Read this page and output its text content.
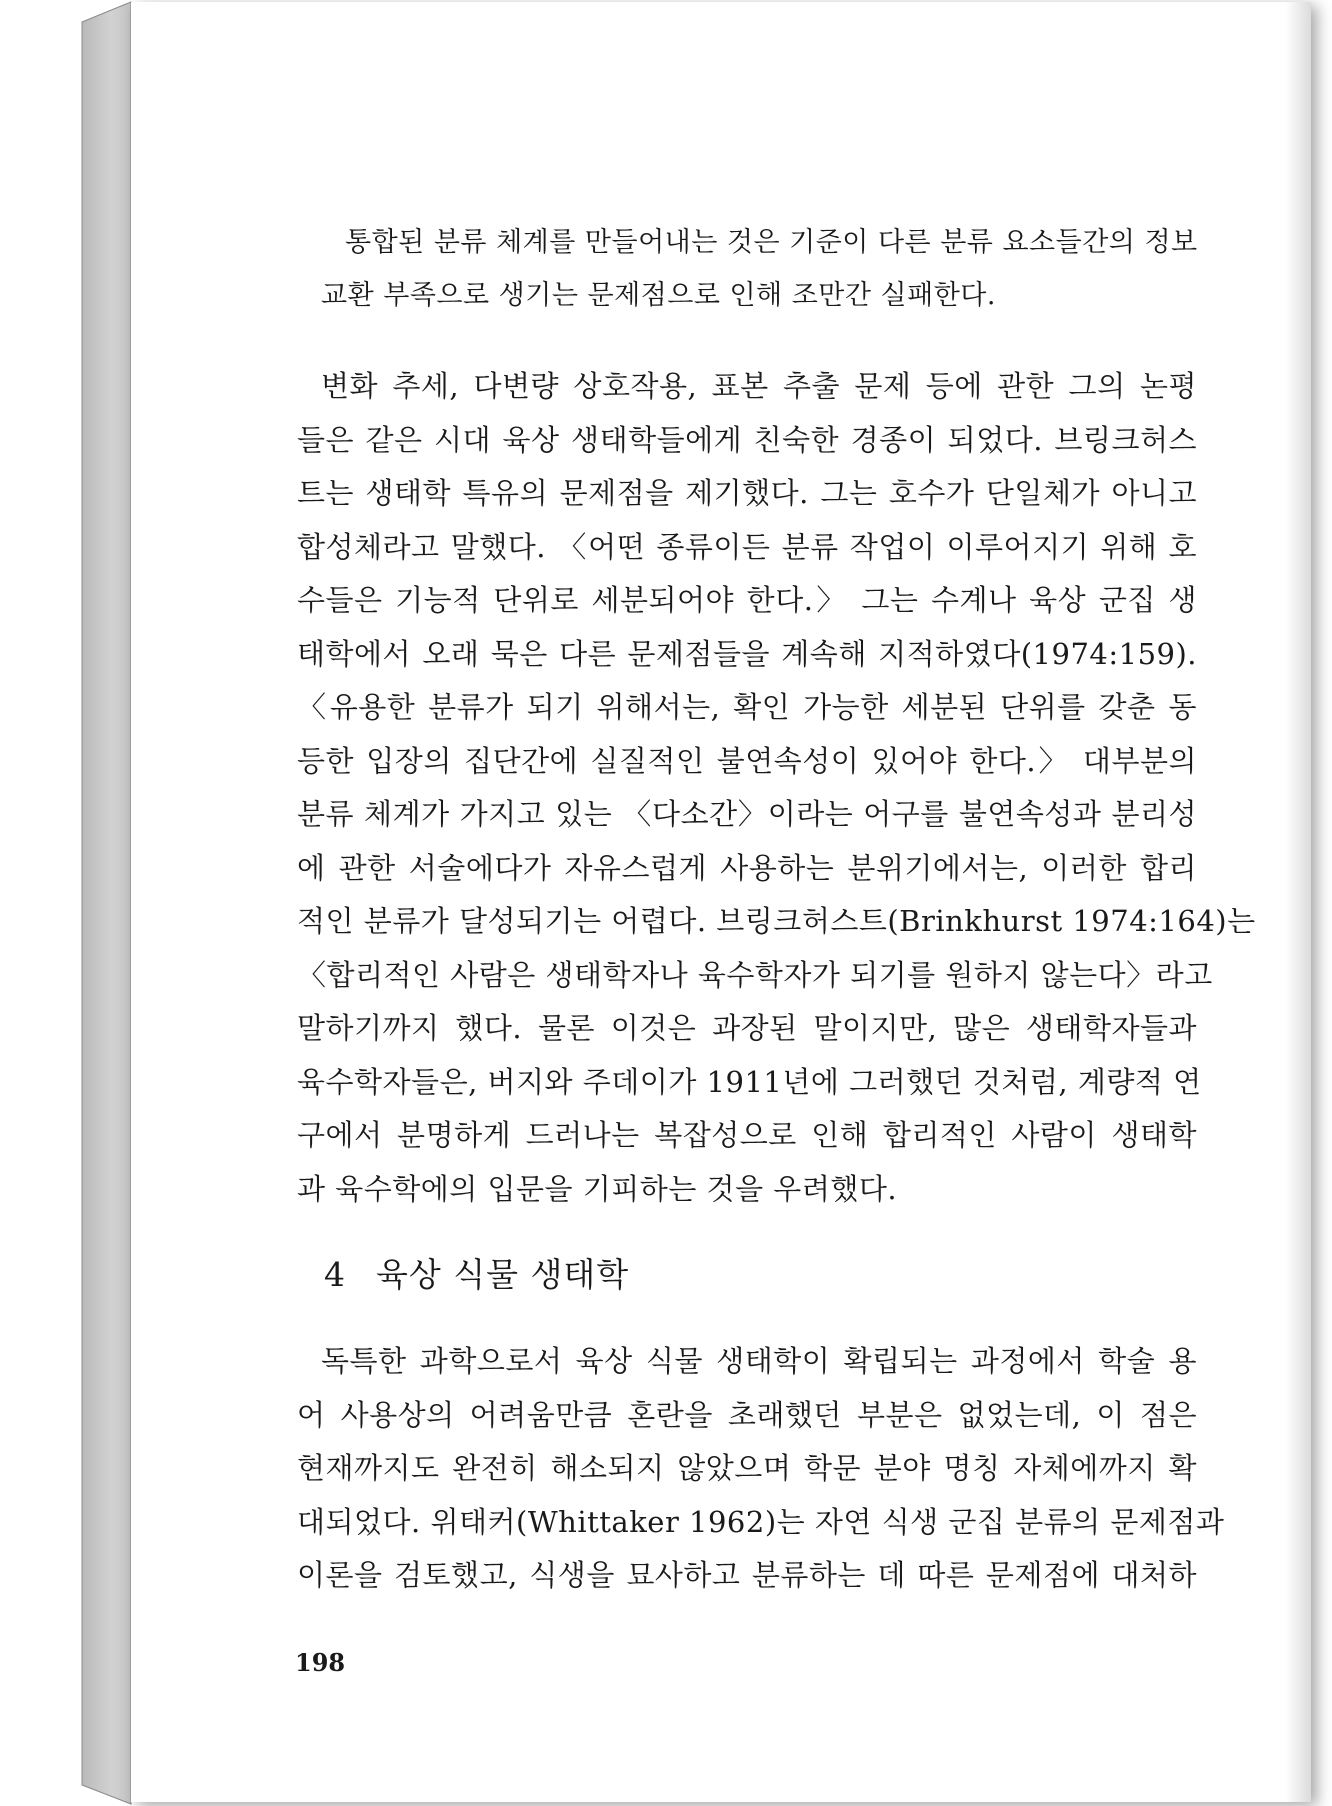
통합된 분류 체계를 만들어내는 것은 기준이 다른 분류 요소들간의 정보
교환 부족으로 생기는 문제점으로 인해 조만간 실패한다.
변화 추세, 다변량 상호작용, 표본 추출 문제 등에 관한 그의 논평
들은 같은 시대 육상 생태학들에게 친숙한 경종이 되었다. 브링크허스
트는 생태학 특유의 문제점을 제기했다. 그는 호수가 단일체가 아니고
합성체라고 말했다. 〈어떤 종류이든 분류 작업이 이루어지기 위해 호
수들은 기능적 단위로 세분되어야 한다.〉 그는 수계나 육상 군집 생
태학에서 오래 묵은 다른 문제점들을 계속해 지적하였다(1974:159).
〈유용한 분류가 되기 위해서는, 확인 가능한 세분된 단위를 갖춘 동
등한 입장의 집단간에 실질적인 불연속성이 있어야 한다.〉 대부분의
분류 체계가 가지고 있는 〈다소간〉이라는 어구를 불연속성과 분리성
에 관한 서술에다가 자유스럽게 사용하는 분위기에서는, 이러한 합리
적인 분류가 달성되기는 어렵다. 브링크허스트(Brinkhurst 1974:164)는
〈합리적인 사람은 생태학자나 육수학자가 되기를 원하지 않는다〉라고
말하기까지 했다. 물론 이것은 과장된 말이지만, 많은 생태학자들과
육수학자들은, 버지와 주데이가 1911년에 그러했던 것처럼, 계량적 연
구에서 분명하게 드러나는 복잡성으로 인해 합리적인 사람이 생태학
과 육수학에의 입문을 기피하는 것을 우려했다.
4 육상 식물 생태학
독특한 과학으로서 육상 식물 생태학이 확립되는 과정에서 학술 용
어 사용상의 어려움만큼 혼란을 초래했던 부분은 없었는데, 이 점은
현재까지도 완전히 해소되지 않았으며 학문 분야 명칭 자체에까지 확
대되었다. 위태커(Whittaker 1962)는 자연 식생 군집 분류의 문제점과
이론을 검토했고, 식생을 묘사하고 분류하는 데 따른 문제점에 대처하
198
